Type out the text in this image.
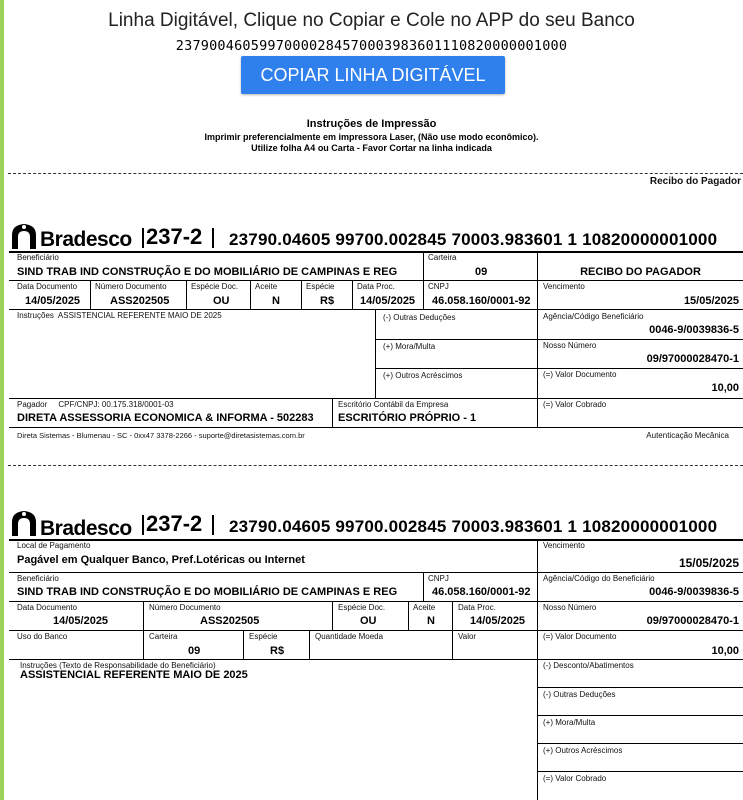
Linha Digitável, Clique no Copiar e Cole no APP do seu Banco
23790046059970000284570003983601110820000001000
COPIAR LINHA DIGITÁVEL
Instruções de Impressão
Imprimir preferencialmente em impressora Laser, (Não use modo econômico).
Utilize folha A4 ou Carta - Favor Cortar na linha indicada
Recibo do Pagador
Bradesco 237-2 23790.04605 99700.002845 70003.983601 1 10820000001000
Beneficiário
SIND TRAB IND CONSTRUÇÃO E DO MOBILIÁRIO DE CAMPINAS E REG
Carteira
09	RECIBO DO PAGADOR
Data Documento
14/05/2025
Número Documento
ASS202505
Espécie Doc.
OU
Aceite
N
Espécie
R$
Data Proc.
14/05/2025
CNPJ
46.058.160/0001-92
Vencimento
15/05/2025
Instruções ASSISTENCIAL REFERENTE MAIO DE 2025	(-) Outras Deduções
(+) Mora/Multa
(+) Outros Acréscimos
Agência/Código Beneficiário
0046-9/0039836-5
Nosso Número
09/97000028470-1
(=) Valor Documento
10,00
Pagador CPF/CNPJ: 00.175.318/0001-03
DIRETA ASSESSORIA ECONOMICA & INFORMA - 502283
Escritório Contábil da Empresa
ESCRITÓRIO PRÓPRIO - 1
(=) Valor Cobrado
Direta Sistemas - Blumenau - SC - 0xx47 3378-2266 - suporte@diretasistemas.com.br	Autenticação Mecânica
Bradesco 237-2 23790.04605 99700.002845 70003.983601 1 10820000001000
Local de Pagamento
Pagável em Qualquer Banco, Pref.Lotéricas ou Internet
Vencimento
15/05/2025
Beneficiário
SIND TRAB IND CONSTRUÇÃO E DO MOBILIÁRIO DE CAMPINAS E REG
CNPJ
46.058.160/0001-92
Agência/Código do Beneficiário
0046-9/0039836-5
Data Documento
14/05/2025
Número Documento
ASS202505
Espécie Doc.
OU
Aceite
N
Data Proc.
14/05/2025
Nosso Número
09/97000028470-1
Uso do Banco	Carteira
09
Espécie
R$
Quantidade Moeda	Valor	(=) Valor Documento
10,00
Instruções (Texto de Responsabilidade do Beneficiário)
ASSISTENCIAL REFERENTE MAIO DE 2025
(-) Desconto/Abatimentos
(-) Outras Deduções
(+) Mora/Multa
(+) Outros Acréscimos
(=) Valor Cobrado
